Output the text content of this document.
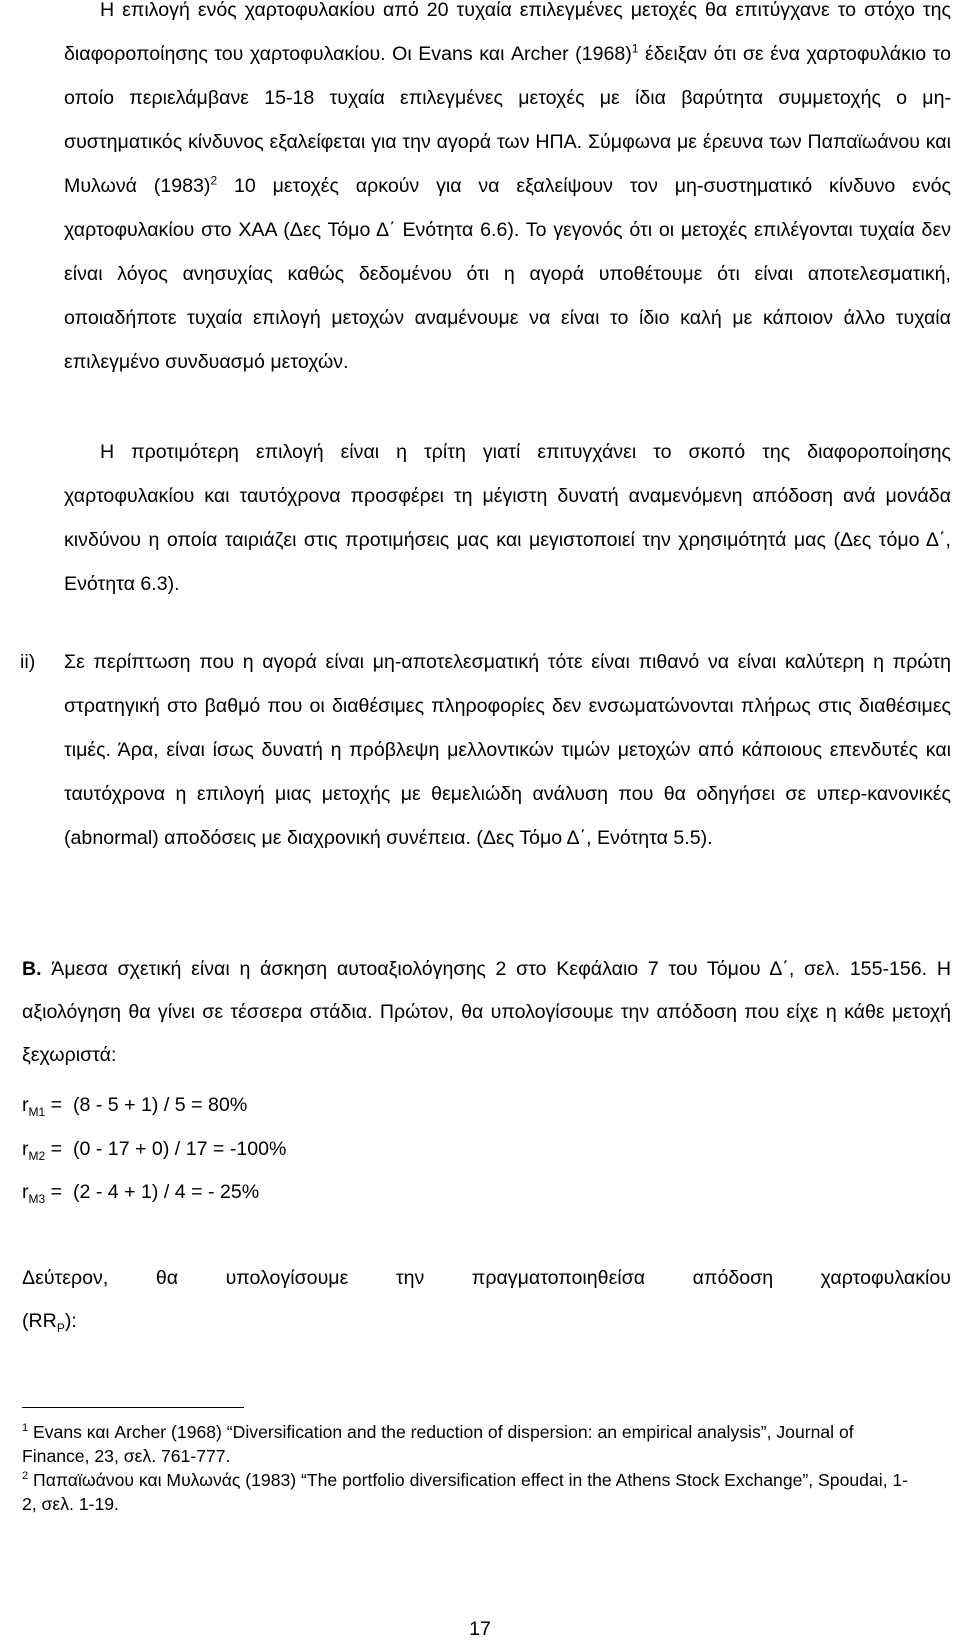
Η επιλογή ενός χαρτοφυλακίου από 20 τυχαία επιλεγμένες μετοχές θα επιτύγχανε το στόχο της διαφοροποίησης του χαρτοφυλακίου. Οι Evans και Archer $(1968)^1$ έδειξαν ότι σε ένα χαρτοφυλάκιο το οποίο περιελάμβανε 15-18 τυχαία επιλεγμένες μετοχές με ίδια βαρύτητα συμμετοχής ο μη-συστηματικός κίνδυνος εξαλείφεται για την αγορά των ΗΠΑ. Σύμφωνα με έρευνα των Παπαϊωάνου και Μυλωνά $(1983)^2$ 10 μετοχές αρκούν για να εξαλείψουν τον μη-συστηματικό κίνδυνο ενός χαρτοφυλακίου στο ΧΑΑ (Δες Τόμο Δ΄ Ενότητα 6.6). Το γεγονός ότι οι μετοχές επιλέγονται τυχαία δεν είναι λόγος ανησυχίας καθώς δεδομένου ότι η αγορά υποθέτουμε ότι είναι αποτελεσματική, οποιαδήποτε τυχαία επιλογή μετοχών αναμένουμε να είναι το ίδιο καλή με κάποιον άλλο τυχαία επιλεγμένο συνδυασμό μετοχών.

Η προτιμότερη επιλογή είναι η τρίτη γιατί επιτυγχάνει το σκοπό της διαφοροποίησης χαρτοφυλακίου και ταυτόχρονα προσφέρει τη μέγιστη δυνατή αναμενόμενη απόδοση ανά μονάδα κινδύνου η οποία ταιριάζει στις προτιμήσεις μας και μεγιστοποιεί την χρησιμότητά μας (Δες τόμο Δ΄, Ενότητα 6.3).

ii) Σε περίπτωση που η αγορά είναι μη-αποτελεσματική τότε είναι πιθανό να είναι καλύτερη η πρώτη στρατηγική στο βαθμό που οι διαθέσιμες πληροφορίες δεν ενσωματώνονται πλήρως στις διαθέσιμες τιμές. Άρα, είναι ίσως δυνατή η πρόβλεψη μελλοντικών τιμών μετοχών από κάποιους επενδυτές και ταυτόχρονα η επιλογή μιας μετοχής με θεμελιώδη ανάλυση που θα οδηγήσει σε υπερ-κανονικές (abnormal) αποδόσεις με διαχρονική συνέπεια. (Δες Τόμο Δ΄, Ενότητα 5.5).

B. Άμεσα σχετική είναι η άσκηση αυτοαξιολόγησης 2 στο Κεφάλαιο 7 του Τόμου Δ΄, σελ. 155-156. Η αξιολόγηση θα γίνει σε τέσσερα στάδια. Πρώτον, θα υπολογίσουμε την απόδοση που είχε η κάθε μετοχή ξεχωριστά:

$r_{M1} = (8 - 5 + 1) / 5 = 80\%$
$r_{M2} = (0 - 17 + 0) / 17 = -100\%$
$r_{M3} = (2 - 4 + 1) / 4$ = - 25%

Δεύτερον, θα υπολογίσουμε την πραγματοποιηθείσα απόδοση χαρτοφυλακίου

$(RR_P)$:

$^1$ Evans και Archer (1968) “Diversification and the reduction of dispersion: an empirical analysis”, Journal of Finance, 23, σελ. 761-777.

$^2$ Παπαϊωάνου και Μυλωνάς (1983) “The portfolio diversification effect in the Athens Stock Exchange”, Spoudai, 1-2, σελ. 1-19.

17
